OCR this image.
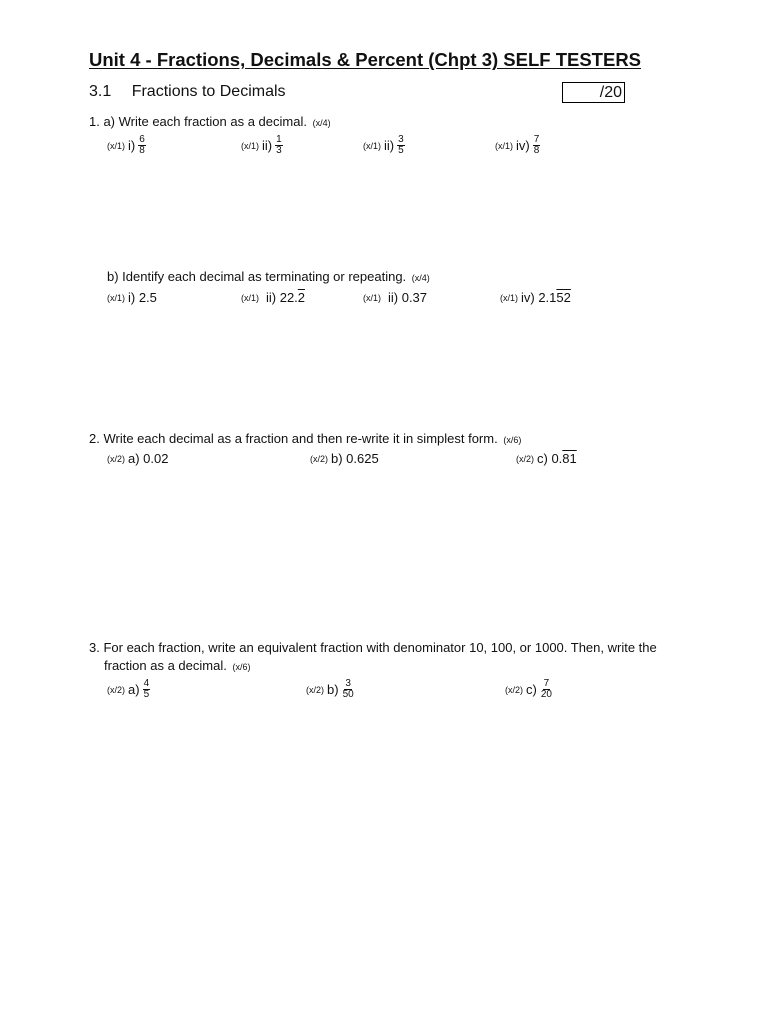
Unit 4 - Fractions, Decimals & Percent (Chpt 3) SELF TESTERS
3.1 Fractions to Decimals	/20
1. a) Write each fraction as a decimal. (x/4)
(x/1) $i) \frac{6}{8}$	(x/1) $ii) \frac{1}{3}$	(x/1) $ii) \frac{3}{5}$	(x/1) $iv) \frac{7}{8}$
b) Identify each decimal as terminating or repeating. (x/4)
(x/1) i) 2.5	(x/1) ii) 22. 2	(x/1) ii) 0.37	(x/1) iv) 2. 1 52
2. Write each decimal as a fraction and then re-write it in simplest form. (x/6)
(x/2) a) 0.02	(x/2) b) 0.625	(x/2) c) 0. 81
3. For each fraction, write an equivalent fraction with denominator 10, 100, or 1000. Then, write the
fraction as a decimal. (x/6)
(x/2) $a) \frac{4}{5}$	(x/2) $b) \frac{3}{50}$	(x/2) $c) \frac{7}{20}$
